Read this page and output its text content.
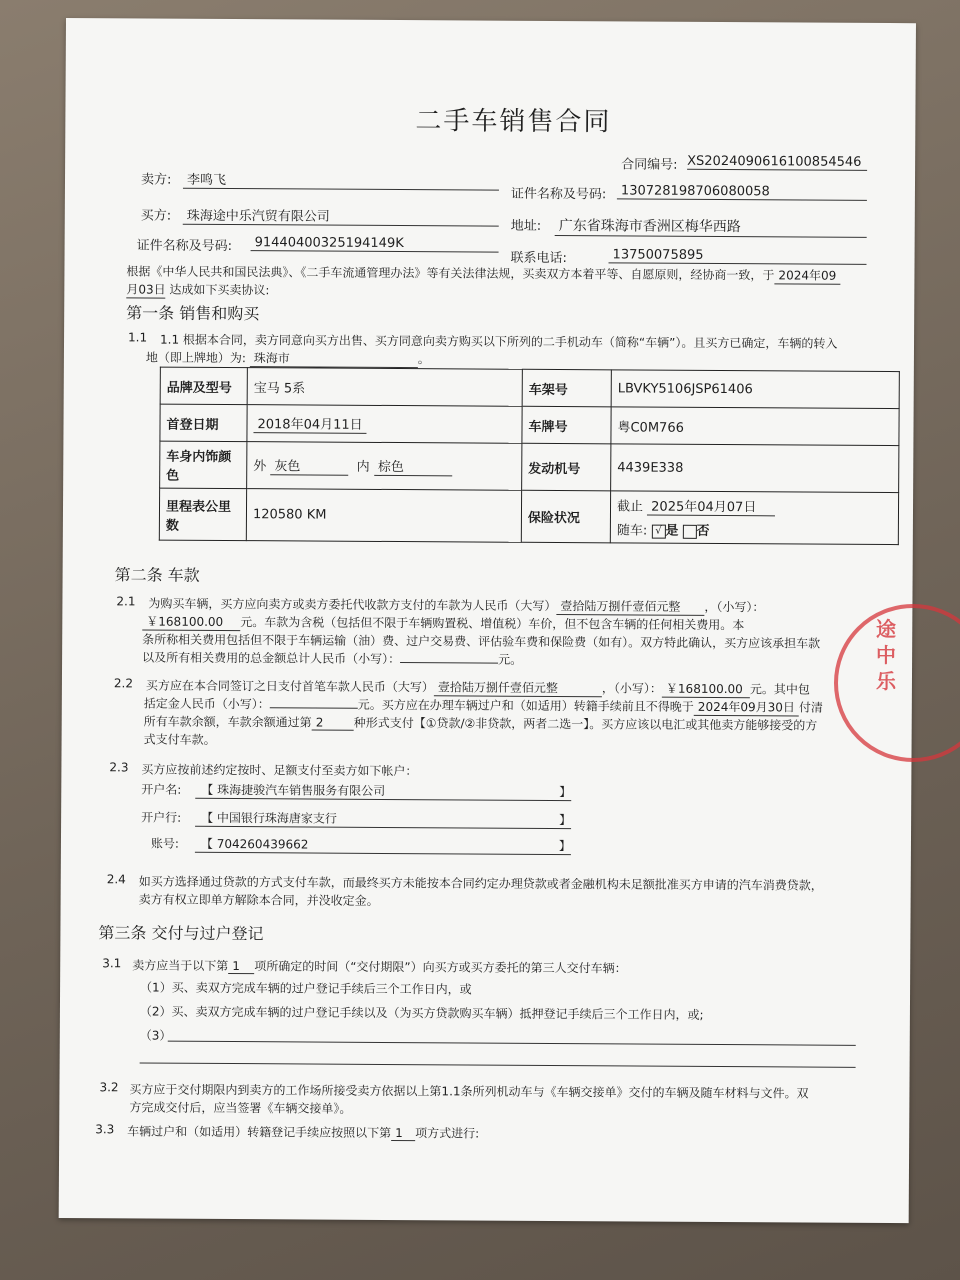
二手车销售合同
合同编号: XS20240906161008545​46
卖方:	李鸣飞
证件名称及号码:	130728198706080058
买方:	珠海途中乐汽贸有限公司
地址: 广东省珠海市香洲区梅华西路
证件名称及号码:	91440400325194149K
联系电话:	13750075895
根据《中华人民共和国民法典》、《二手车流通管理办法》等有关法律法规，买卖双方本着平等、自愿原则，经协商一致，于 2024年09
月03日 达成如下买卖协议:
第一条 销售和购买
1.1 1.1 根据本合同，卖方同意向买方出售、买方同意向卖方购买以下所列的二手机动车（简称“车辆”）。且买方已确定，车辆的转入
地（即上牌地）为: 珠海市	。
品牌及型号	宝马 5系	车架号	LBVKY5106JSP61406
首登日期	2018年04月11日	车牌号	粤C0M766
车身内饰颜色	外 灰色 内 棕色	发动机号	4439E338
里程表公里数	120580 KM	保险状况	截止 2025年04月07日
随车: √ 是 否
第二条 车款
2.1 为购买车辆，买方应向卖方或卖方委托代收款方支付的车款为人民币（大写） 壹拾陆万捌仟壹佰元整 ，（小写）：
￥168100.00 元。车款为含税（包括但不限于车辆购置税、增值税）车价，但不包含车辆的任何相关费用。本
条所称相关费用包括但不限于车辆运输（油）费、过户交易费、评估验车费和保险费（如有）。双方特此确认，买方应该承担车款
以及所有相关费用的总金额总计人民币（小写）：	元。
2.2 买方应在本合同签订之日支付首笔车款人民币（大写） 壹拾陆万捌仟壹佰元整	，（小写）： ￥168100.00 元。其中包
括定金人民币（小写）：	元。买方应在办理车辆过户和（如适用）转籍手续前且不得晚于 2024年09月30日 付清
所有车款余额，车款余额通过第 2	种形式支付【①贷款/②非贷款，两者二选一】。买方应该以电汇或其他卖方能够接受的方
式支付车款。
2.3 买方应按前述约定按时、足额支付至卖方如下帐户：
开户名:	【 珠海捷骏汽车销售服务有限公司	】
开户行:	【 中国银行珠海唐家支行	】
账号:	【 704260439662	】
2.4 如买方选择通过贷款的方式支付车款，而最终买方未能按本合同约定办理贷款或者金融机构未足额批准买方申请的汽车消费贷款，
卖方有权立即单方解除本合同，并没收定金。
第三条 交付与过户登记
3.1 卖方应当于以下第 1 项所确定的时间（“交付期限”）向买方或买方委托的第三人交付车辆：
（1）买、卖双方完成车辆的过户登记手续后三个工作日内，或
（2）买、卖双方完成车辆的过户登记手续以及（为买方贷款购买车辆）抵押登记手续后三个工作日内，或;
（3）
3.2 买方应于交付期限内到卖方的工作场所接受卖方依据以上第1.1条所列机动车与《车辆交接单》交付的车辆及随车材料与文件。双
方完成交付后，应当签署《车辆交接单》。
3.3 车辆过户和（如适用）转籍登记手续应按照以下第 1 项方式进行:
途中乐
